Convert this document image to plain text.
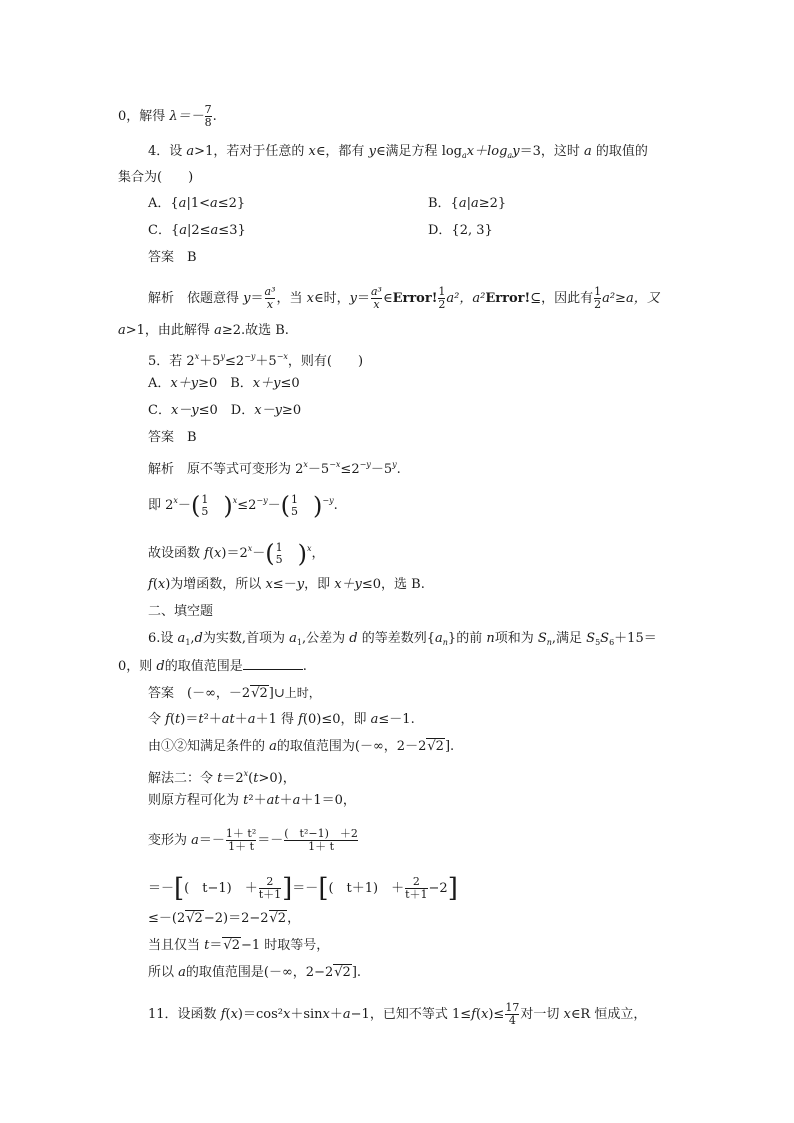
0，解得 $\lambda=- \frac{7}{8}$ .
4．设 a>1，若对于任意的 x∈，都有 y∈满足方程 $\log_ax+\log_ay=3$，这时 a 的取值的
集合为(　　)
A．{a|1<a≤2}	B．{a|a≥2}
C．{a|2≤a≤3}	D．{2, 3}
答案　B
解析　依题意得 $y= \frac{\text{a³}}{x}$ ，当 x∈时，$y= \frac{\text{a³}}{x}$ ∈Error! $\frac{1}{2} a^2$，a²Error!⊆，因此有 $\frac{1}{2} a^2\ge a$，又
a>1，由此解得 a≥2.故选 B.
5．若 $2^x+5^y\le 2^{-y}+5^{-x}$，则有(　　)
A．x＋y≥0　B．x＋y≤0
C．x－y≤0　D．x－y≥0
答案　B
解析　原不等式可变形为 $2^x-5^{-x}\le 2^{-y}-5^y$.
即 $2^x-$( 1
5 )$^x\le 2^{-y}-$( 1
5 )$^{-y}$.
故设函数 $f(x)=2^x-$( 1
5 )$^x$，
f(x)为增函数，所以 x≤－y，即 x＋y≤0，选 B.
二、填空题
6.设 $a_1,d$为实数,首项为 $a_1$,公差为 d 的等差数列$\{a_n\}$的前 n项和为 $S_n$,满足 $S_5S_6+15=$
0，则 d的取值范围是	.
答案　(－∞，－2√2]∪上时，
令 f(t)＝t²＋at＋a＋1 得 f(0)≤0，即 a≤－1.
由①②知满足条件的 a的取值范围为(－∞，2－2√2].
解法二：令 $t=2^x(t>0)$，
则原方程可化为 t²＋at＋a＋1＝0，
变形为 $a=- \frac{\text{1＋ t²}}{1+ t} =- \frac{\text{(　t²−1)　＋2}}{1+ t}$
＝－[(　t−1)　＋ $\frac{2}{t+1}$ ]＝－[(　t＋1)　＋ $\frac{2}{t+1} -2$]
≤－(2√2−2)＝2−2√2，
当且仅当 t＝√2−1 时取等号，
所以 a的取值范围是(－∞，2−2√2].
11．设函数 f(x)＝cos²x＋sinx＋a−1，已知不等式 $1\le f(x)\le \frac{17}{4}$ 对一切 x∈R 恒成立，
